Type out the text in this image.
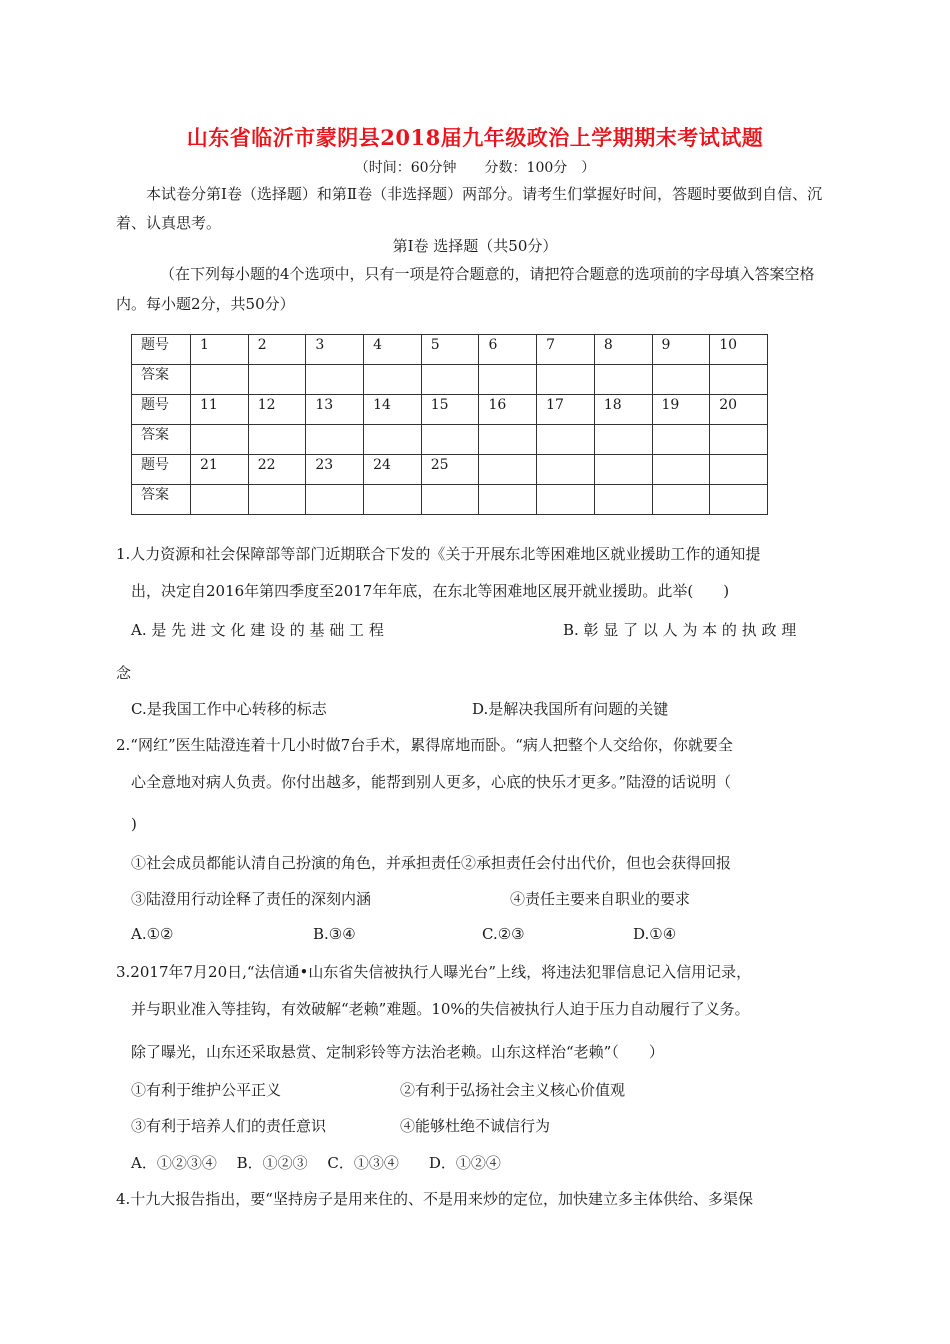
山东省临沂市蒙阴县2018届九年级政治上学期期末考试试题
（时间：60分钟　　分数：100分　）
本试卷分第Ⅰ卷（选择题）和第Ⅱ卷（非选择题）两部分。请考生们掌握好时间，答题时要做到自信、沉着、认真思考。
第Ⅰ卷 选择题（共50分）
（在下列每小题的4个选项中，只有一项是符合题意的，请把符合题意的选项前的字母填入答案空格内。每小题2分，共50分）
题号	1	2	3	4	5	6	7	8	9	10
答案										
题号	11	12	13	14	15	16	17	18	19	20
答案										
题号	21	22	23	24	25					
答案										
1.人力资源和社会保障部等部门近期联合下发的《关于开展东北等困难地区就业援助工作的通知提
出，决定自2016年第四季度至2017年年底，在东北等困难地区展开就业援助。此举(　　)
A. 是 先 进 文 化 建 设 的 基 础 工 程	B. 彰 显 了 以 人 为 本 的 执 政 理
念
C.是我国工作中心转移的标志	D.是解决我国所有问题的关键
2.“网红”医生陆澄连着十几小时做7台手术，累得席地而卧。“病人把整个人交给你，你就要全
心全意地对病人负责。你付出越多，能帮到别人更多，心底的快乐才更多。”陆澄的话说明（
)
①社会成员都能认清自己扮演的角色，并承担责任②承担责任会付出代价，但也会获得回报
③陆澄用行动诠释了责任的深刻内涵	④责任主要来自职业的要求
A.①②	B.③④	C.②③	D.①④
3.2017年7月20日,“法信通•山东省失信被执行人曝光台”上线，将违法犯罪信息记入信用记录，
并与职业准入等挂钩，有效破解“老赖”难题。10%的失信被执行人迫于压力自动履行了义务。
除了曝光，山东还采取悬赏、定制彩铃等方法治老赖。山东这样治“老赖”（　　）
①有利于维护公平正义	②有利于弘扬社会主义核心价值观
③有利于培养人们的责任意识	④能够杜绝不诚信行为
A．①②③④　 B．①②③　 C．①③④　　D．①②④
4.十九大报告指出，要“坚持房子是用来住的、不是用来炒的定位，加快建立多主体供给、多渠保
